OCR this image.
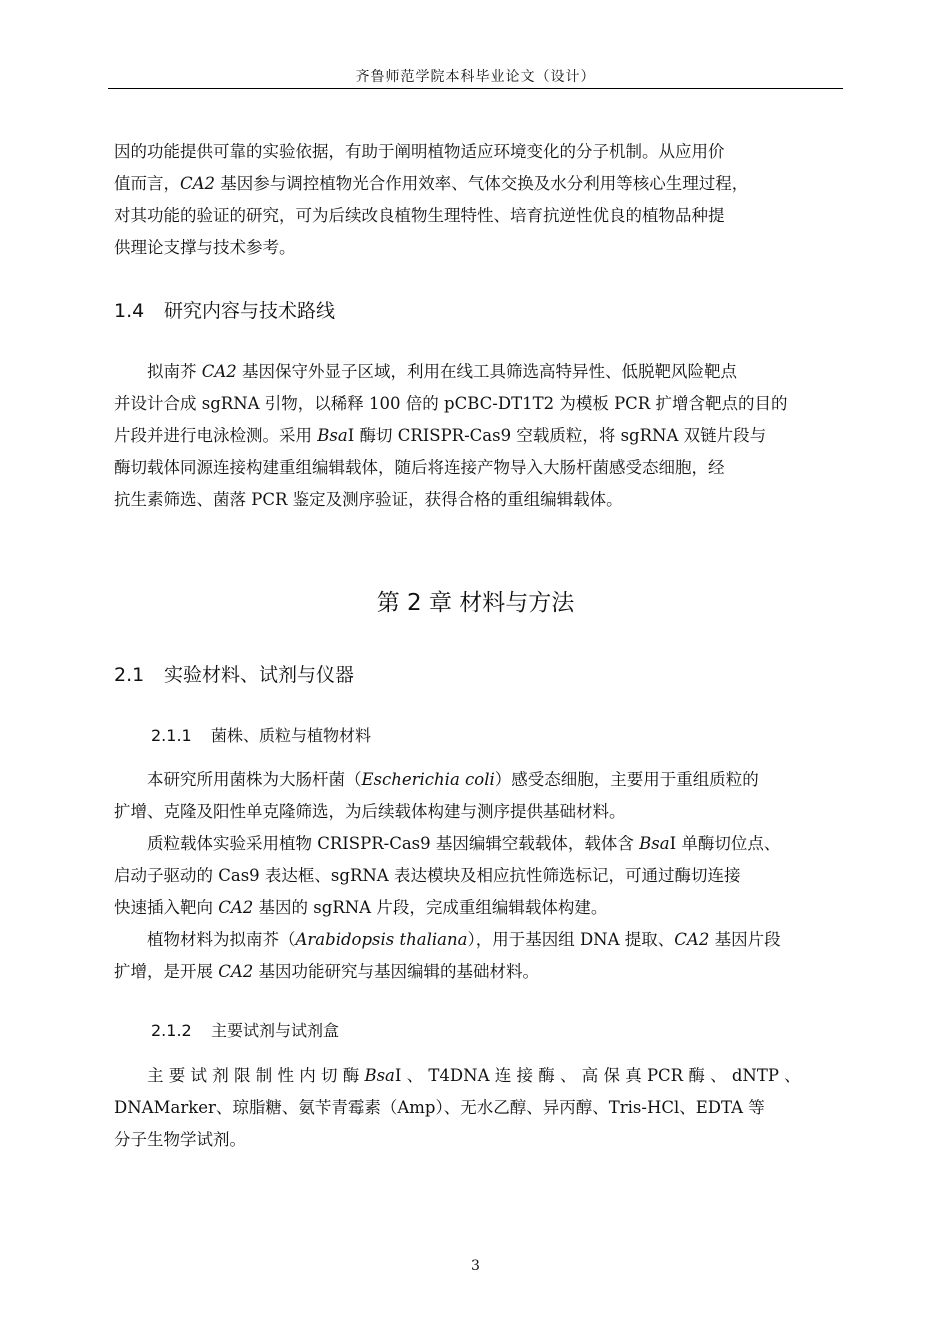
齐鲁师范学院本科毕业论文（设计）
因的功能提供可靠的实验依据，有助于阐明植物适应环境变化的分子机制。从应用价
值而言，CA2 基因参与调控植物光合作用效率、气体交换及水分利用等核心生理过程，
对其功能的验证的研究，可为后续改良植物生理特性、培育抗逆性优良的植物品种提
供理论支撑与技术参考。
1.4 研究内容与技术路线
拟南芥 CA2 基因保守外显子区域，利用在线工具筛选高特异性、低脱靶风险靶点
并设计合成 sgRNA 引物，以稀释 100 倍的 pCBC-DT1T2 为模板 PCR 扩增含靶点的目的
片段并进行电泳检测。采用 BsaI 酶切 CRISPR-Cas9 空载质粒，将 sgRNA 双链片段与
酶切载体同源连接构建重组编辑载体，随后将连接产物导入大肠杆菌感受态细胞，经
抗生素筛选、菌落 PCR 鉴定及测序验证，获得合格的重组编辑载体。
第 2 章 材料与方法
2.1 实验材料、试剂与仪器
2.1.1 菌株、质粒与植物材料
本研究所用菌株为大肠杆菌（Escherichia coli）感受态细胞，主要用于重组质粒的
扩增、克隆及阳性单克隆筛选，为后续载体构建与测序提供基础材料。
质粒载体实验采用植物 CRISPR-Cas9 基因编辑空载载体，载体含 BsaI 单酶切位点、
启动子驱动的 Cas9 表达框、sgRNA 表达模块及相应抗性筛选标记，可通过酶切连接
快速插入靶向 CA2 基因的 sgRNA 片段，完成重组编辑载体构建。
植物材料为拟南芥（Arabidopsis thaliana），用于基因组 DNA 提取、CA2 基因片段
扩增，是开展 CA2 基因功能研究与基因编辑的基础材料。
2.1.2 主要试剂与试剂盒
主 要 试 剂 限 制 性 内 切 酶 BsaI 、 T4DNA 连 接 酶 、 高 保 真 PCR 酶 、 dNTP 、
DNAMarker、琼脂糖、氨苄青霉素（Amp）、无水乙醇、异丙醇、Tris-HCl、EDTA 等
分子生物学试剂。
3
